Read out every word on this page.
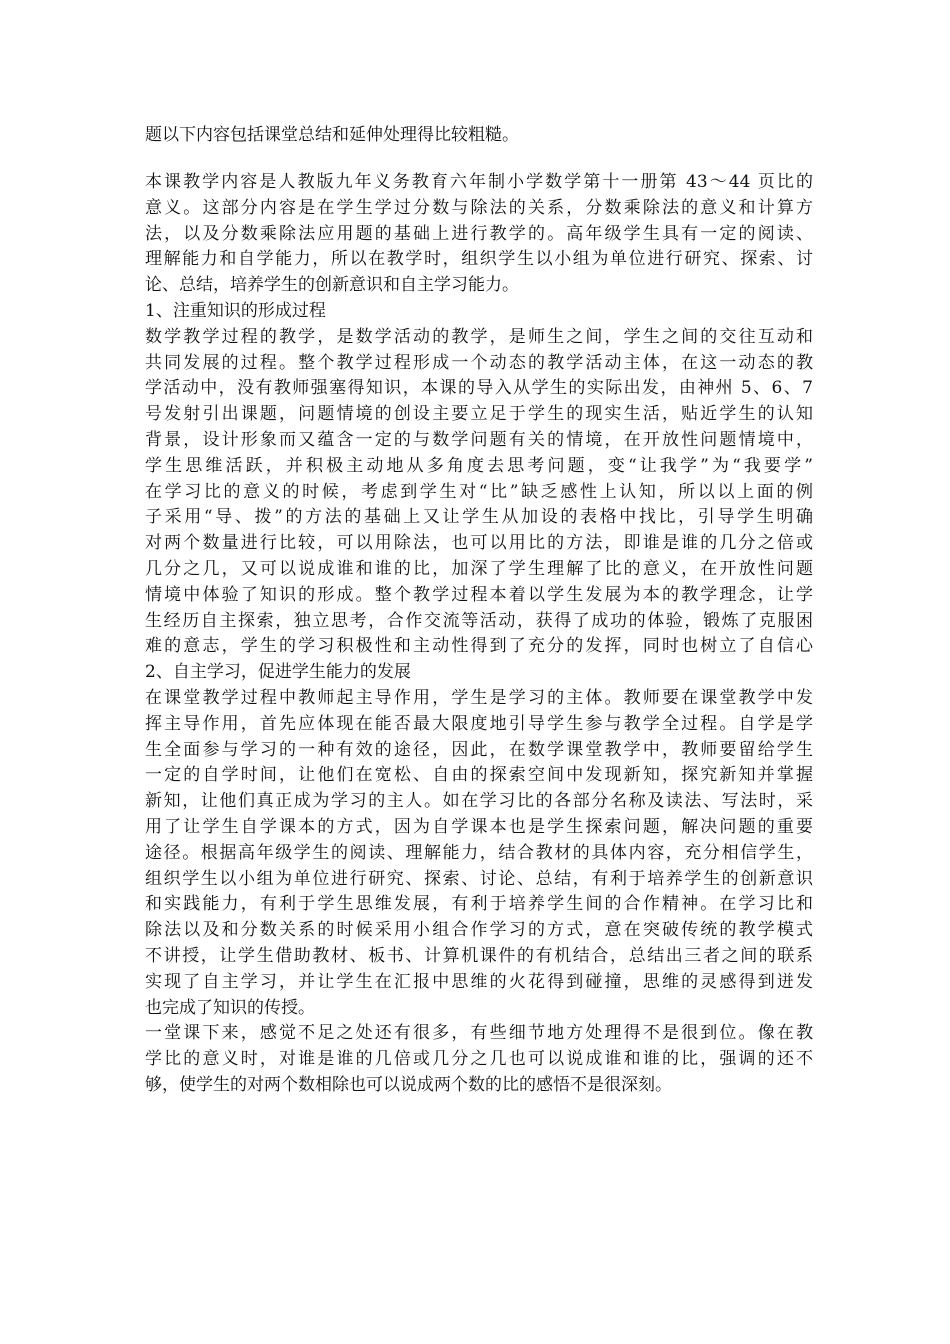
题以下内容包括课堂总结和延伸处理得比较粗糙。

本课教学内容是人教版九年义务教育六年制小学数学第十一册第 43～44 页比的

意义。这部分内容是在学生学过分数与除法的关系，分数乘除法的意义和计算方

法，以及分数乘除法应用题的基础上进行教学的。高年级学生具有一定的阅读、

理解能力和自学能力，所以在教学时，组织学生以小组为单位进行研究、探索、讨

论、总结，培养学生的创新意识和自主学习能力。

1、注重知识的形成过程

数学教学过程的教学，是数学活动的教学，是师生之间，学生之间的交往互动和

共同发展的过程。整个教学过程形成一个动态的教学活动主体，在这一动态的教

学活动中，没有教师强塞得知识，本课的导入从学生的实际出发，由神州 5、6、7

号发射引出课题，问题情境的创设主要立足于学生的现实生活，贴近学生的认知

背景，设计形象而又蕴含一定的与数学问题有关的情境，在开放性问题情境中，

学生思维活跃，并积极主动地从多角度去思考问题，变“让我学”为“我要学”

在学习比的意义的时候，考虑到学生对“比”缺乏感性上认知，所以以上面的例

子采用“导、拨”的方法的基础上又让学生从加设的表格中找比，引导学生明确

对两个数量进行比较，可以用除法，也可以用比的方法，即谁是谁的几分之倍或

几分之几，又可以说成谁和谁的比，加深了学生理解了比的意义，在开放性问题

情境中体验了知识的形成。整个教学过程本着以学生发展为本的教学理念，让学

生经历自主探索，独立思考，合作交流等活动，获得了成功的体验，锻炼了克服困

难的意志，学生的学习积极性和主动性得到了充分的发挥，同时也树立了自信心

2、自主学习，促进学生能力的发展

在课堂教学过程中教师起主导作用，学生是学习的主体。教师要在课堂教学中发

挥主导作用，首先应体现在能否最大限度地引导学生参与教学全过程。自学是学

生全面参与学习的一种有效的途径，因此，在数学课堂教学中，教师要留给学生

一定的自学时间，让他们在宽松、自由的探索空间中发现新知，探究新知并掌握

新知，让他们真正成为学习的主人。如在学习比的各部分名称及读法、写法时，采

用了让学生自学课本的方式，因为自学课本也是学生探索问题，解决问题的重要

途径。根据高年级学生的阅读、理解能力，结合教材的具体内容，充分相信学生，

组织学生以小组为单位进行研究、探索、讨论、总结，有利于培养学生的创新意识

和实践能力，有利于学生思维发展，有利于培养学生间的合作精神。在学习比和

除法以及和分数关系的时候采用小组合作学习的方式，意在突破传统的教学模式

不讲授，让学生借助教材、板书、计算机课件的有机结合，总结出三者之间的联系

实现了自主学习，并让学生在汇报中思维的火花得到碰撞，思维的灵感得到迸发

也完成了知识的传授。

一堂课下来，感觉不足之处还有很多，有些细节地方处理得不是很到位。像在教

学比的意义时，对谁是谁的几倍或几分之几也可以说成谁和谁的比，强调的还不

够，使学生的对两个数相除也可以说成两个数的比的感悟不是很深刻。
